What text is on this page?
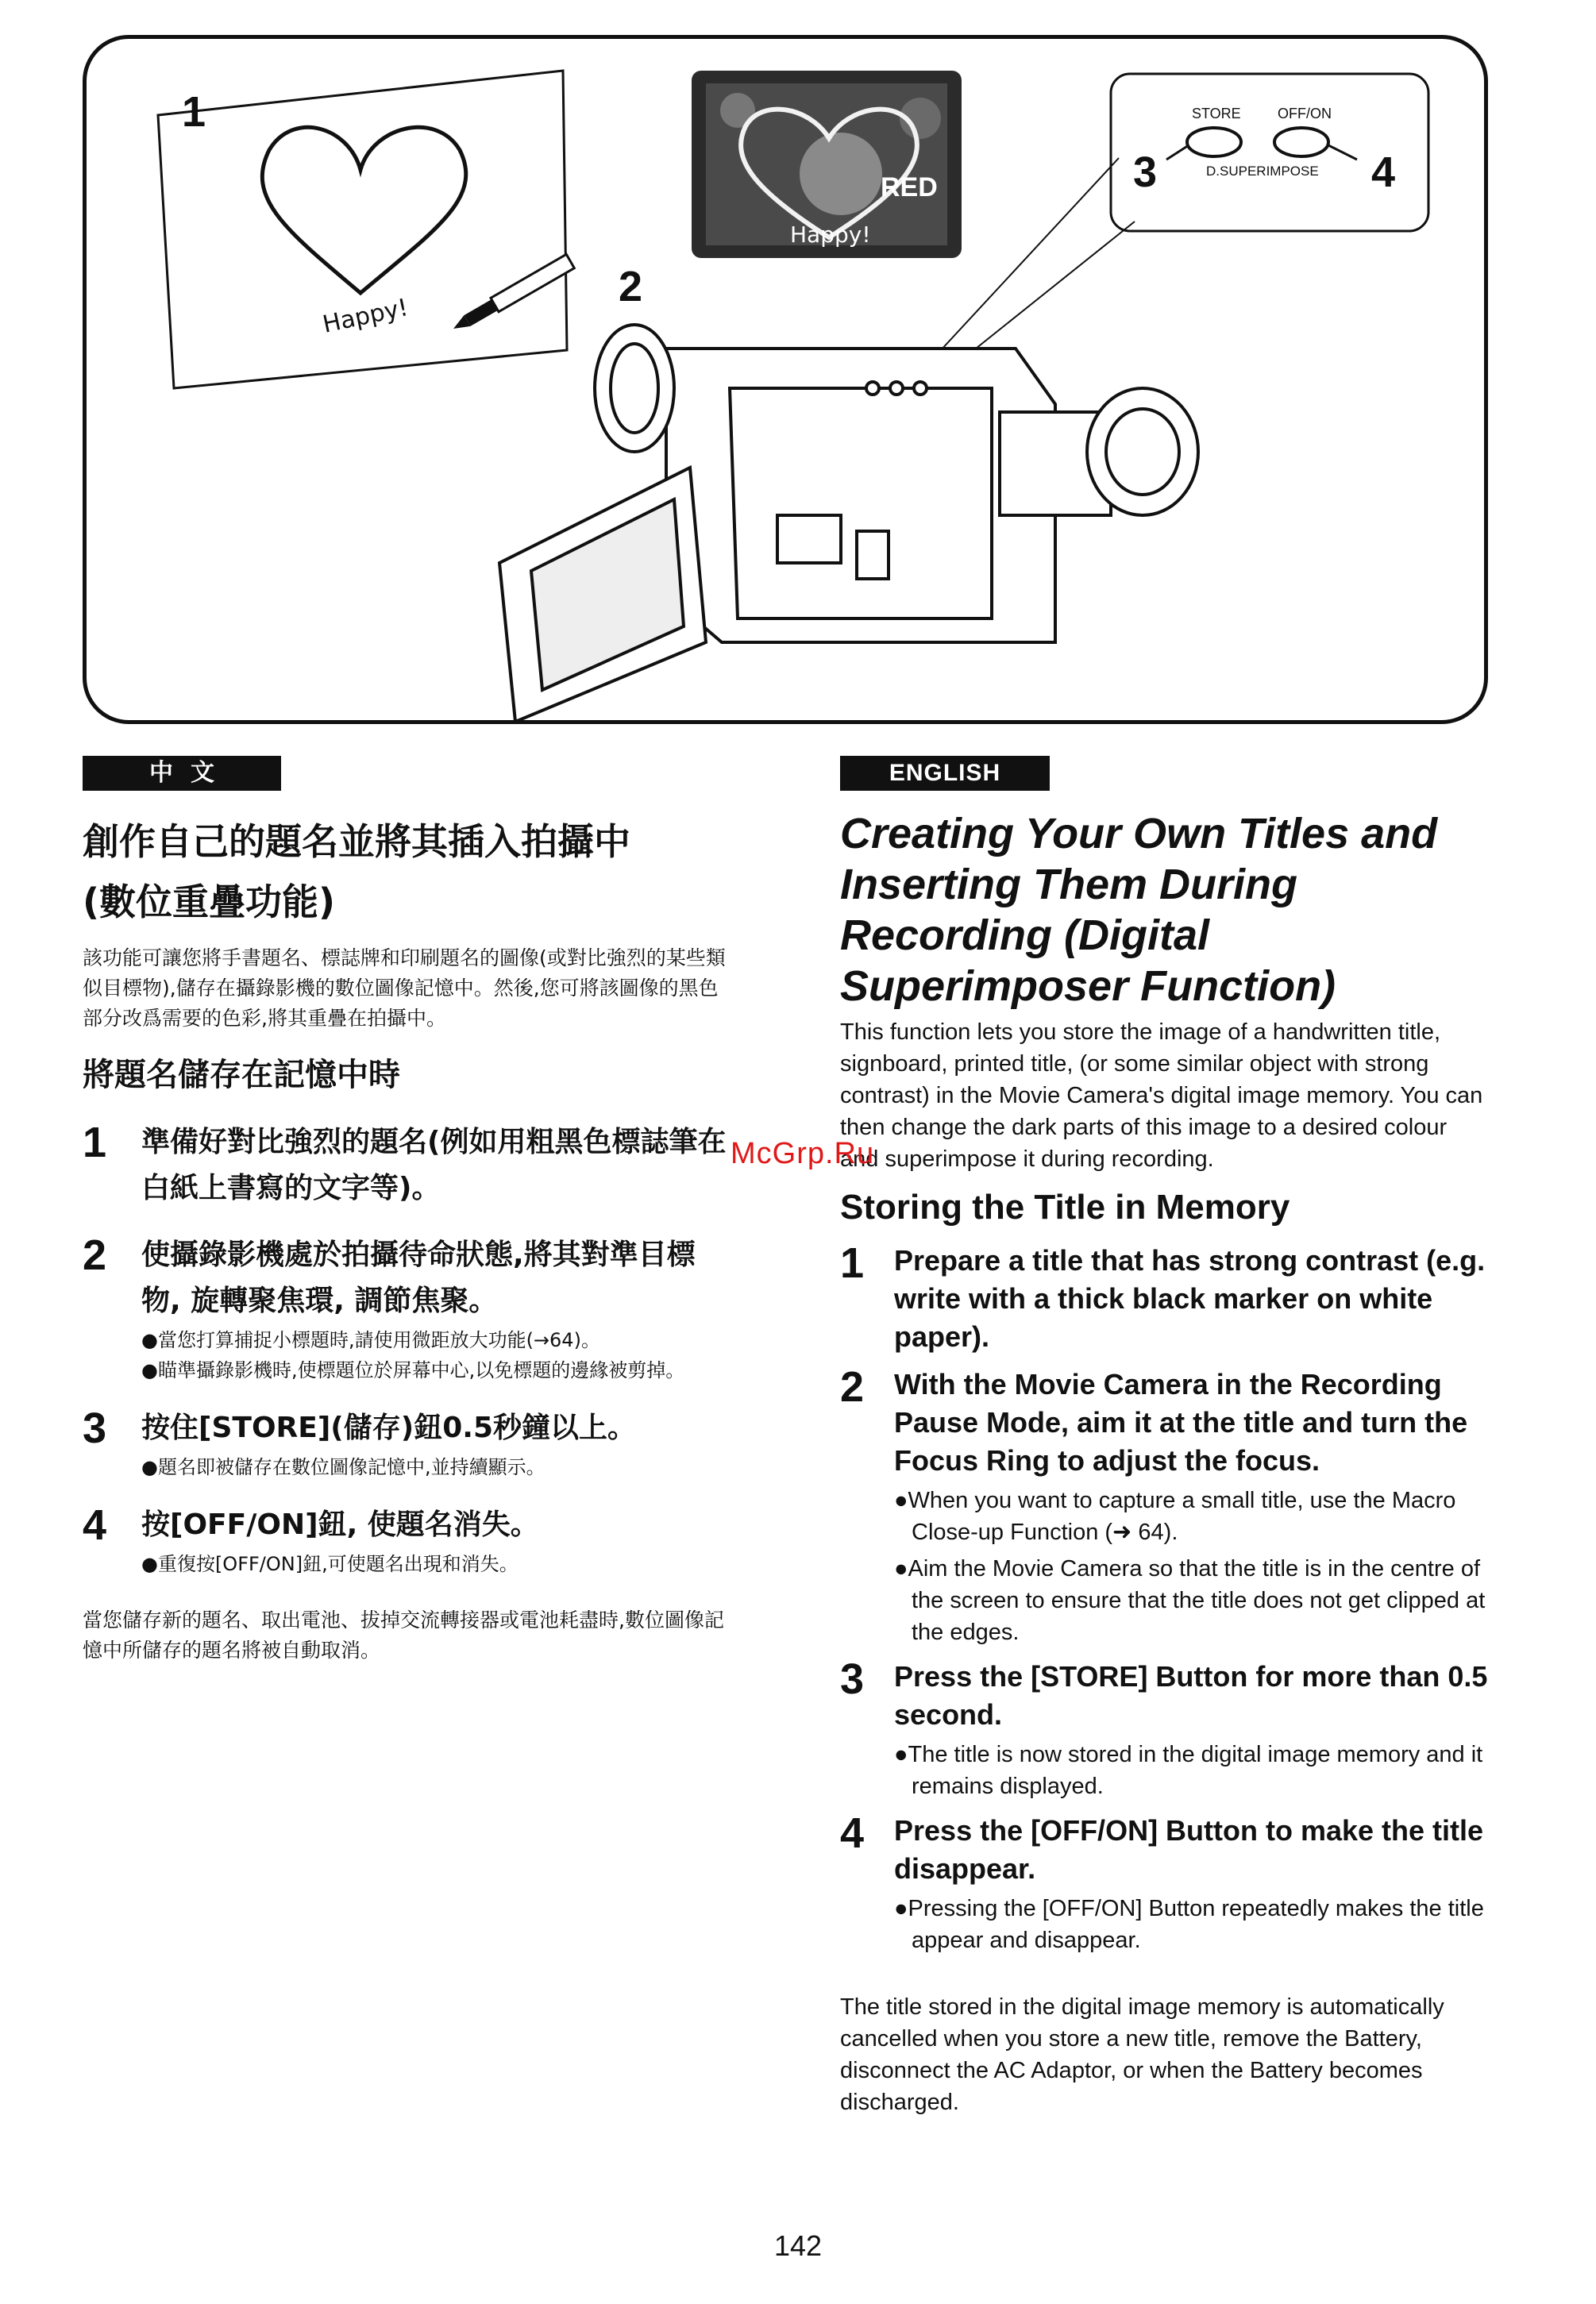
Happy!
1
2
RED
Happy!
STORE	OFF/ON
D.SUPERIMPOSE
3	4
中文
創作自己的題名並將其插入拍攝中
(數位重疊功能)

該功能可讓您將手書題名、標誌牌和印刷題名的圖像(或對比強烈的某些類似目標物),儲存在攝錄影機的數位圖像記憶中。然後,您可將該圖像的黑色部分改爲需要的色彩,將其重疊在拍攝中。

將題名儲存在記憶中時
1	準備好對比強烈的題名(例如用粗黑色標誌筆在白紙上書寫的文字等)。
2	使攝錄影機處於拍攝待命狀態,將其對準目標物, 旋轉聚焦環, 調節焦聚。
●當您打算捕捉小標題時,請使用微距放大功能(→64)。
●瞄準攝錄影機時,使標題位於屏幕中心,以免標題的邊緣被剪掉。
3	按住[STORE](儲存)鈕0.5秒鐘以上。
●題名即被儲存在數位圖像記憶中,並持續顯示。
4	按[OFF/ON]鈕, 使題名消失。
●重復按[OFF/ON]鈕,可使題名出現和消失。

當您儲存新的題名、取出電池、拔掉交流轉接器或電池耗盡時,數位圖像記憶中所儲存的題名將被自動取消。

ENGLISH
Creating Your Own Titles and Inserting Them During Recording (Digital Superimposer Function)

This function lets you store the image of a handwritten title, signboard, printed title, (or some similar object with strong contrast) in the Movie Camera's digital image memory. You can then change the dark parts of this image to a desired colour and superimpose it during recording.

Storing the Title in Memory
1	Prepare a title that has strong contrast (e.g. write with a thick black marker on white paper).
2	With the Movie Camera in the Recording Pause Mode, aim it at the title and turn the Focus Ring to adjust the focus.
●When you want to capture a small title, use the Macro Close-up Function (➜ 64).
●Aim the Movie Camera so that the title is in the centre of the screen to ensure that the title does not get clipped at the edges.
3	Press the [STORE] Button for more than 0.5 second.
●The title is now stored in the digital image memory and it remains displayed.
4	Press the [OFF/ON] Button to make the title disappear.
●Pressing the [OFF/ON] Button repeatedly makes the title appear and disappear.

The title stored in the digital image memory is automatically cancelled when you store a new title, remove the Battery, disconnect the AC Adaptor, or when the Battery becomes discharged.

McGrp.Ru
142
